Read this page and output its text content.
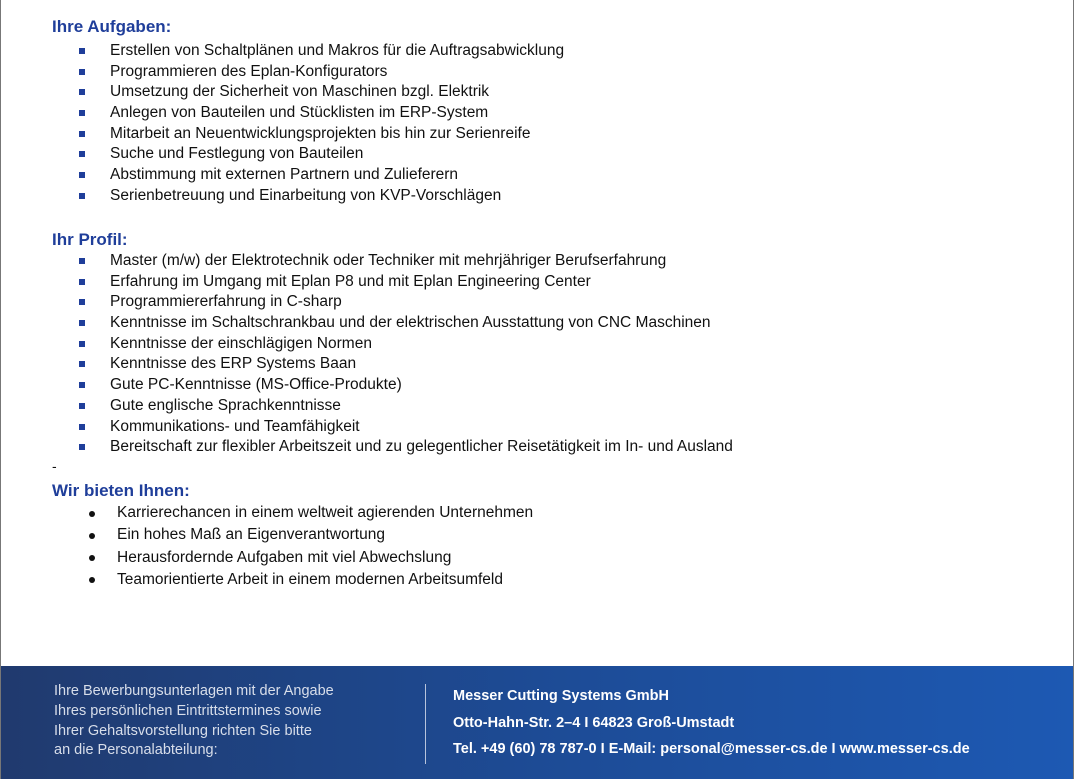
Ihre Aufgaben:
Erstellen von Schaltplänen und Makros für die Auftragsabwicklung
Programmieren des Eplan-Konfigurators
Umsetzung der Sicherheit von Maschinen bzgl. Elektrik
Anlegen von Bauteilen und Stücklisten im ERP-System
Mitarbeit an Neuentwicklungsprojekten bis hin zur Serienreife
Suche und Festlegung von Bauteilen
Abstimmung mit externen Partnern und Zulieferern
Serienbetreuung und Einarbeitung von KVP-Vorschlägen
Ihr Profil:
Master (m/w) der Elektrotechnik oder Techniker mit mehrjähriger Berufserfahrung
Erfahrung im Umgang mit Eplan P8 und mit Eplan Engineering Center
Programmiererfahrung in C-sharp
Kenntnisse im Schaltschrankbau und der elektrischen Ausstattung von CNC Maschinen
Kenntnisse der einschlägigen Normen
Kenntnisse des ERP Systems Baan
Gute PC-Kenntnisse (MS-Office-Produkte)
Gute englische Sprachkenntnisse
Kommunikations- und Teamfähigkeit
Bereitschaft zur flexibler Arbeitszeit und zu gelegentlicher Reisetätigkeit im In- und Ausland
-
Wir bieten Ihnen:
Karrierechancen in einem weltweit agierenden Unternehmen
Ein hohes Maß an Eigenverantwortung
Herausfordernde Aufgaben mit viel Abwechslung
Teamorientierte Arbeit in einem modernen Arbeitsumfeld
Ihre Bewerbungsunterlagen mit der Angabe
Ihres persönlichen Eintrittstermines sowie
Ihrer Gehaltsvorstellung richten Sie bitte
an die Personalabteilung:
Messer Cutting Systems GmbH
Otto-Hahn-Str. 2–4 I 64823 Groß-Umstadt
Tel. +49 (60) 78 787-0 I E-Mail: personal@messer-cs.de I www.messer-cs.de
